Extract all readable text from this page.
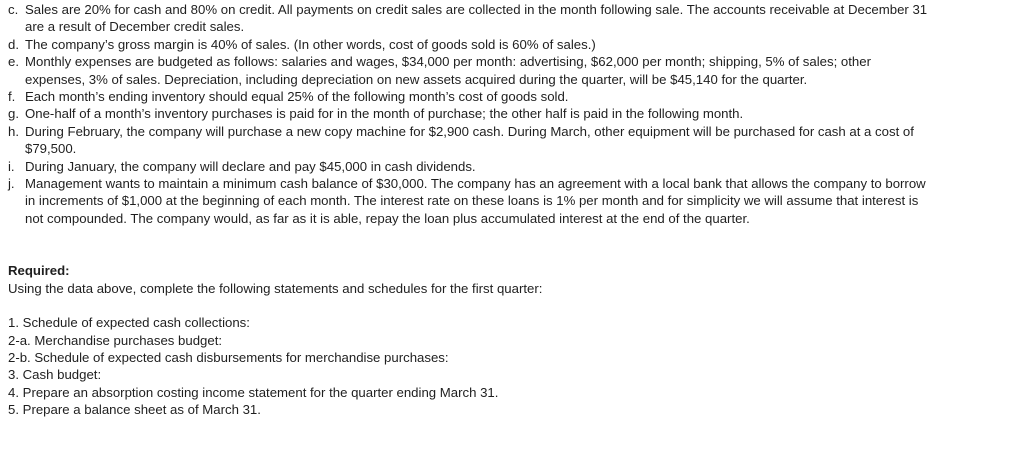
c. Sales are 20% for cash and 80% on credit. All payments on credit sales are collected in the month following sale. The accounts receivable at December 31 are a result of December credit sales.
d. The company’s gross margin is 40% of sales. (In other words, cost of goods sold is 60% of sales.)
e. Monthly expenses are budgeted as follows: salaries and wages, $34,000 per month: advertising, $62,000 per month; shipping, 5% of sales; other expenses, 3% of sales. Depreciation, including depreciation on new assets acquired during the quarter, will be $45,140 for the quarter.
f. Each month’s ending inventory should equal 25% of the following month’s cost of goods sold.
g. One-half of a month’s inventory purchases is paid for in the month of purchase; the other half is paid in the following month.
h. During February, the company will purchase a new copy machine for $2,900 cash. During March, other equipment will be purchased for cash at a cost of $79,500.
i. During January, the company will declare and pay $45,000 in cash dividends.
j. Management wants to maintain a minimum cash balance of $30,000. The company has an agreement with a local bank that allows the company to borrow in increments of $1,000 at the beginning of each month. The interest rate on these loans is 1% per month and for simplicity we will assume that interest is not compounded. The company would, as far as it is able, repay the loan plus accumulated interest at the end of the quarter.
Required:
Using the data above, complete the following statements and schedules for the first quarter:
1. Schedule of expected cash collections:
2-a. Merchandise purchases budget:
2-b. Schedule of expected cash disbursements for merchandise purchases:
3. Cash budget:
4. Prepare an absorption costing income statement for the quarter ending March 31.
5. Prepare a balance sheet as of March 31.
